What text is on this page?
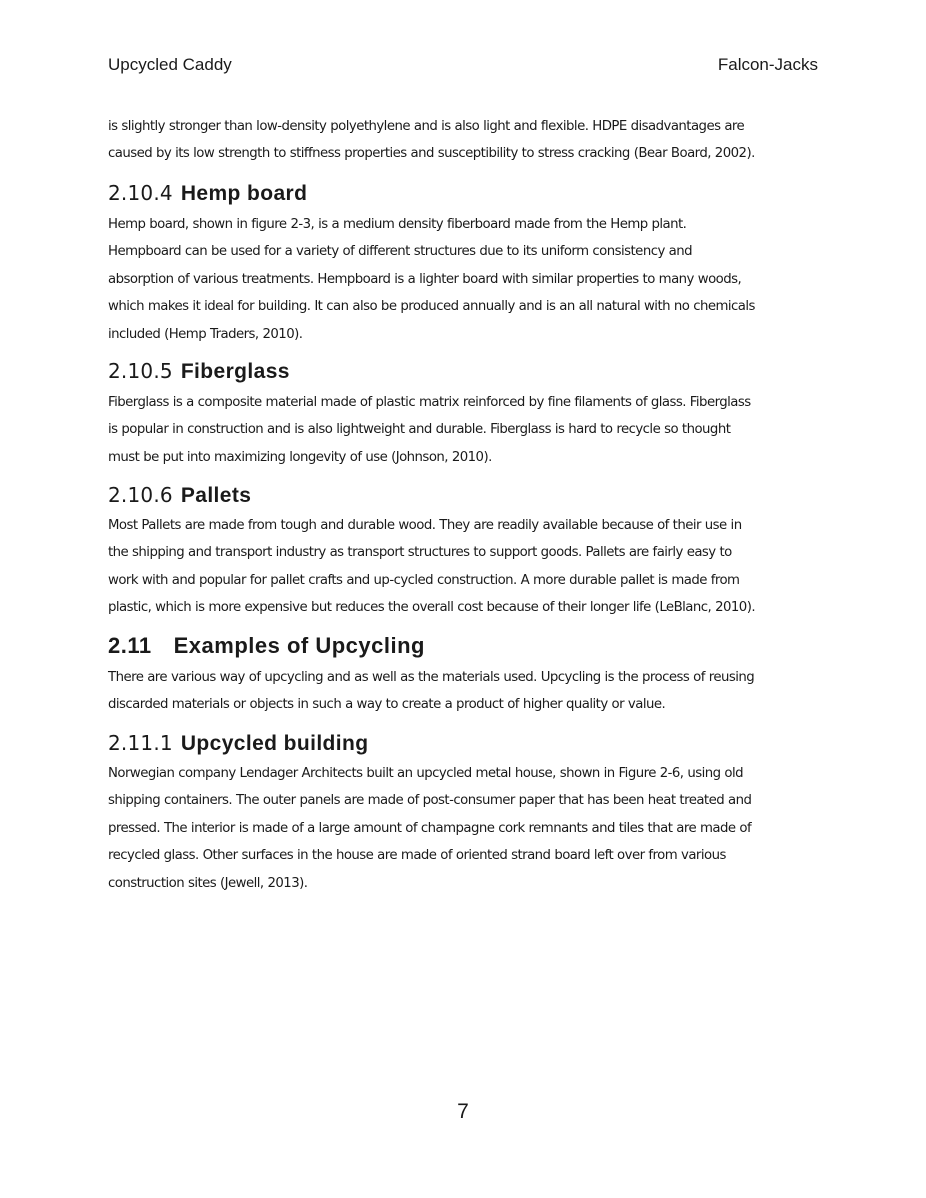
Upcycled Caddy	Falcon-Jacks

is slightly stronger than low-density polyethylene and is also light and flexible. HDPE disadvantages are

caused by its low strength to stiffness properties and susceptibility to stress cracking (Bear Board, 2002).

2.10.4 Hemp board

Hemp board, shown in figure 2-3, is a medium density fiberboard made from the Hemp plant.

Hempboard can be used for a variety of different structures due to its uniform consistency and

absorption of various treatments. Hempboard is a lighter board with similar properties to many woods,

which makes it ideal for building. It can also be produced annually and is an all natural with no chemicals

included (Hemp Traders, 2010).

2.10.5 Fiberglass

Fiberglass is a composite material made of plastic matrix reinforced by fine filaments of glass. Fiberglass

is popular in construction and is also lightweight and durable. Fiberglass is hard to recycle so thought

must be put into maximizing longevity of use (Johnson, 2010).

2.10.6 Pallets

Most Pallets are made from tough and durable wood. They are readily available because of their use in

the shipping and transport industry as transport structures to support goods. Pallets are fairly easy to

work with and popular for pallet crafts and up-cycled construction. A more durable pallet is made from

plastic, which is more expensive but reduces the overall cost because of their longer life (LeBlanc, 2010).

2.11 Examples of Upcycling

There are various way of upcycling and as well as the materials used. Upcycling is the process of reusing

discarded materials or objects in such a way to create a product of higher quality or value.

2.11.1 Upcycled building

Norwegian company Lendager Architects built an upcycled metal house, shown in Figure 2-6, using old

shipping containers. The outer panels are made of post-consumer paper that has been heat treated and

pressed. The interior is made of a large amount of champagne cork remnants and tiles that are made of

recycled glass. Other surfaces in the house are made of oriented strand board left over from various

construction sites (Jewell, 2013).

7
